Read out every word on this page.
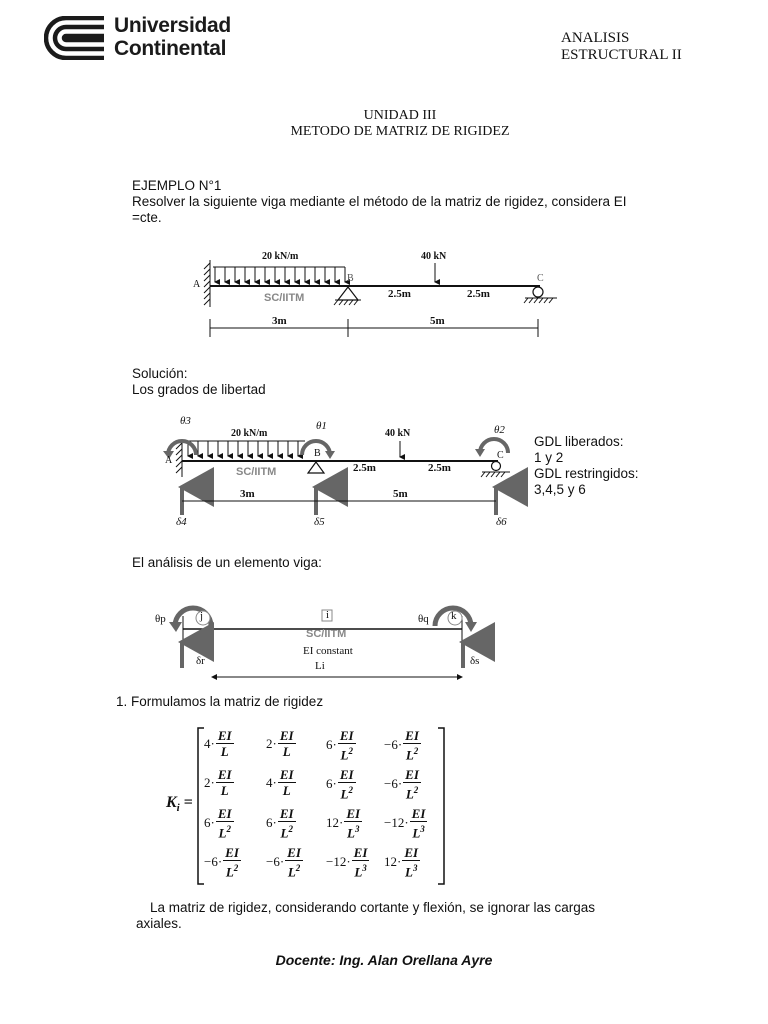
Universidad
Continental	ANALISIS
ESTRUCTURAL II
UNIDAD III
METODO DE MATRIZ DE RIGIDEZ
EJEMPLO N°1
Resolver la siguiente viga mediante el método de la matriz de rigidez, considera EI
=cte.
20 kN/m	40 kN
A
B	C
SC/IITM	2.5m	2.5m
3m	5m
Solución:
Los grados de libertad
θ3	θ1	θ2
20 kN/m	40 kN
A
B	C
SC/IITM	2.5m	2.5m
3m	5m
δ4	δ5	δ6
GDL liberados:
1 y 2
GDL restringidos:
3,4,5 y 6
El análisis de un elemento viga:
θp	θq
j	i	k
SC/IITM
EI constant
Li
δr	δs
1. Formulamos la matriz de rigidez
$K_i$ =
$4\cdot \frac{EI}{L} 2\cdot \frac{EI}{L} 6\cdot \frac{EI}{L^2} -6\cdot \frac{EI}{L^2}$
$2\cdot \frac{EI}{L} 4\cdot \frac{EI}{L} 6\cdot \frac{EI}{L^2} -6\cdot \frac{EI}{L^2}$
$6\cdot \frac{EI}{L^2} 6\cdot \frac{EI}{L^2} 12\cdot \frac{EI}{L^3} -12\cdot \frac{EI}{L^3}$
$-6\cdot \frac{EI}{L^2} -6\cdot \frac{EI}{L^2} -12\cdot \frac{EI}{L^3} 12\cdot \frac{EI}{L^3}$
La matriz de rigidez, considerando cortante y flexión, se ignorar las cargas
axiales.
Docente: Ing. Alan Orellana Ayre
